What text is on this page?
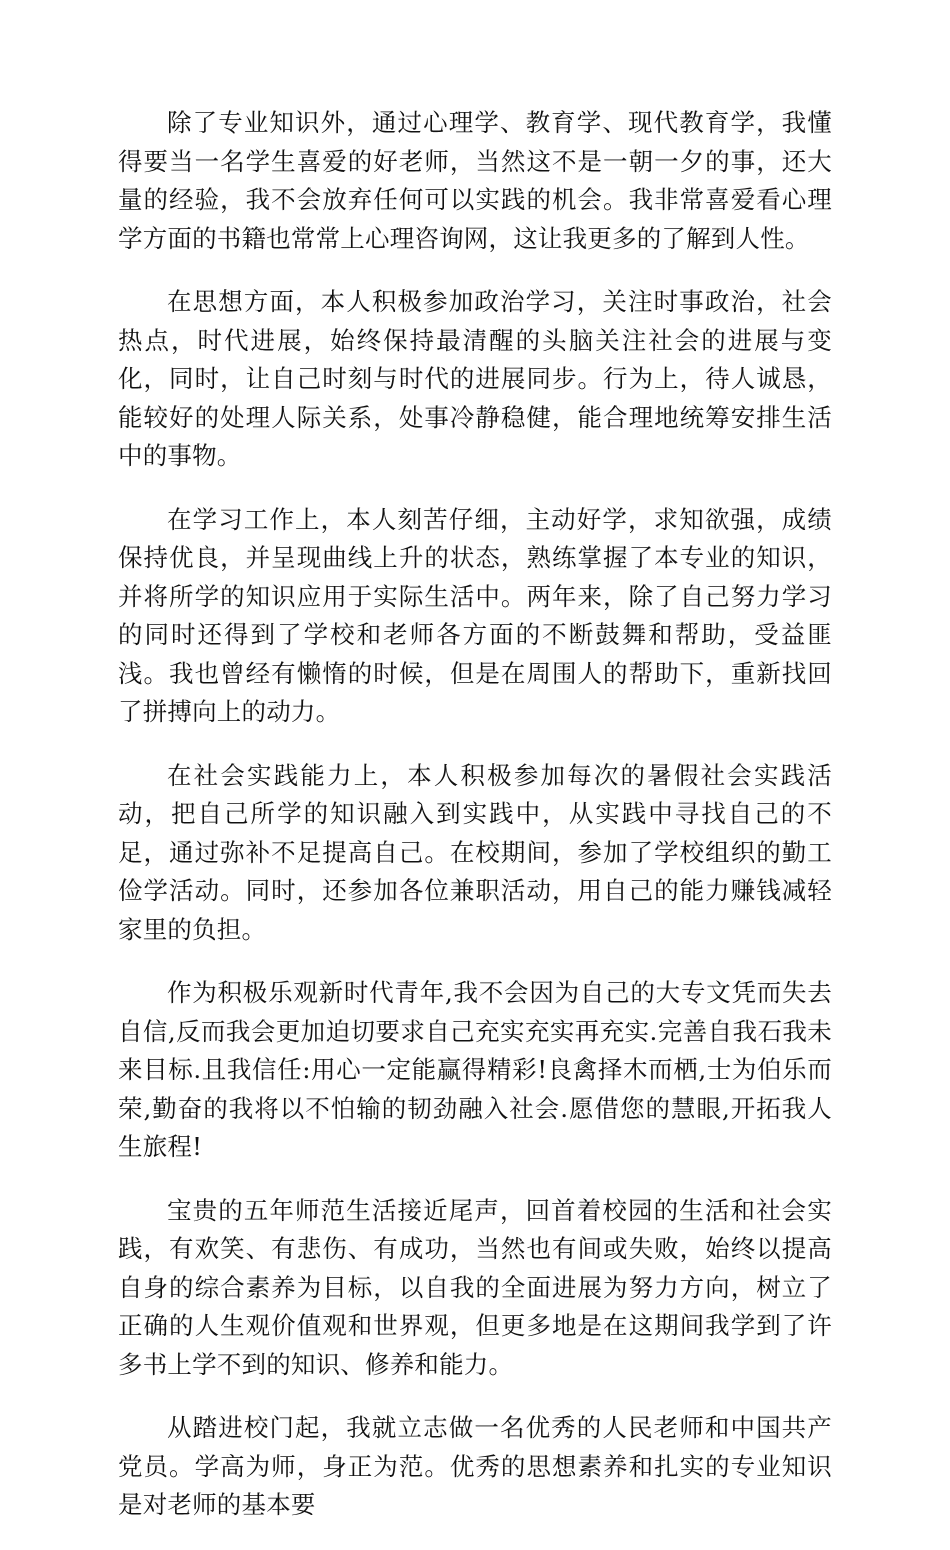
除了专业知识外，通过心理学、教育学、现代教育学，我懂得要当一名学生喜爱的好老师，当然这不是一朝一夕的事，还大量的经验，我不会放弃任何可以实践的机会。我非常喜爱看心理学方面的书籍也常常上心理咨询网，这让我更多的了解到人性。

在思想方面，本人积极参加政治学习，关注时事政治，社会热点，时代进展，始终保持最清醒的头脑关注社会的进展与变化，同时，让自己时刻与时代的进展同步。行为上，待人诚恳，能较好的处理人际关系，处事冷静稳健，能合理地统筹安排生活中的事物。

在学习工作上，本人刻苦仔细，主动好学，求知欲强，成绩保持优良，并呈现曲线上升的状态，熟练掌握了本专业的知识，并将所学的知识应用于实际生活中。两年来，除了自己努力学习的同时还得到了学校和老师各方面的不断鼓舞和帮助，受益匪浅。我也曾经有懒惰的时候，但是在周围人的帮助下，重新找回了拼搏向上的动力。

在社会实践能力上，本人积极参加每次的暑假社会实践活动，把自己所学的知识融入到实践中，从实践中寻找自己的不足，通过弥补不足提高自己。在校期间，参加了学校组织的勤工俭学活动。同时，还参加各位兼职活动，用自己的能力赚钱减轻家里的负担。

作为积极乐观新时代青年,我不会因为自己的大专文凭而失去自信,反而我会更加迫切要求自己充实充实再充实.完善自我石我未来目标.且我信任:用心一定能赢得精彩!良禽择木而栖,士为伯乐而荣,勤奋的我将以不怕输的韧劲融入社会.愿借您的慧眼,开拓我人生旅程!

宝贵的五年师范生活接近尾声，回首着校园的生活和社会实践，有欢笑、有悲伤、有成功，当然也有间或失败，始终以提高自身的综合素养为目标，以自我的全面进展为努力方向，树立了正确的人生观价值观和世界观，但更多地是在这期间我学到了许多书上学不到的知识、修养和能力。

从踏进校门起，我就立志做一名优秀的人民老师和中国共产党员。学高为师，身正为范。优秀的思想素养和扎实的专业知识是对老师的基本要
